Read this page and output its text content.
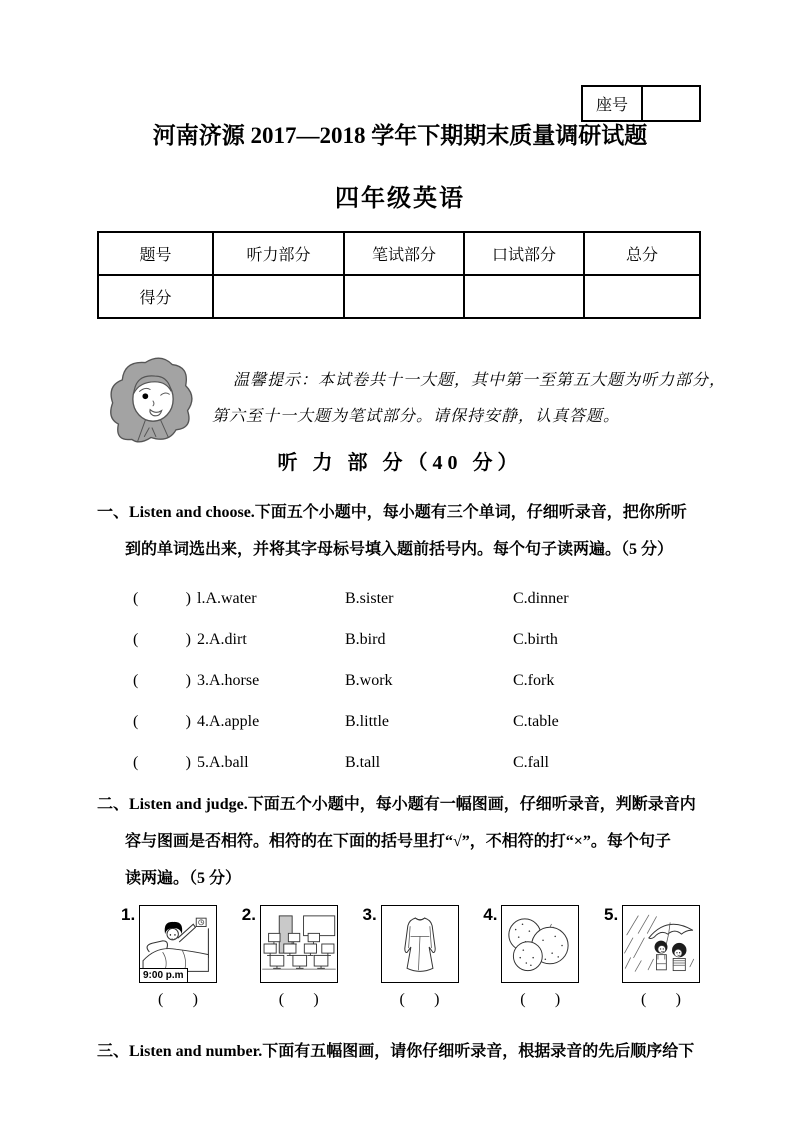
座号
河南济源 2017—2018 学年下期期末质量调研试题
四年级英语
题号	听力部分	笔试部分	口试部分	总分
得分				
温馨提示：本试卷共十一大题，其中第一至第五大题为听力部分，
第六至十一大题为笔试部分。请保持安静，认真答题。
听 力 部 分（40 分）
一、Listen and choose.下面五个小题中，每小题有三个单词，仔细听录音，把你所听
到的单词选出来，并将其字母标号填入题前括号内。每个句子读两遍。（5 分）
(	) l.A.water	B.sister	C.dinner
(	) 2.A.dirt	B.bird	C.birth
(	) 3.A.horse	B.work	C.fork
(	) 4.A.apple	B.little	C.table
(	) 5.A.ball	B.tall	C.fall
二、Listen and judge.下面五个小题中，每小题有一幅图画，仔细听录音，判断录音内
容与图画是否相符。相符的在下面的括号里打“√”，不相符的打“×”。每个句子
读两遍。（5 分）
1.
9:00 p.m
( )
2.
( )
3.
( )
4.
( )
5.
( )
三、Listen and number.下面有五幅图画，请你仔细听录音，根据录音的先后顺序给下
